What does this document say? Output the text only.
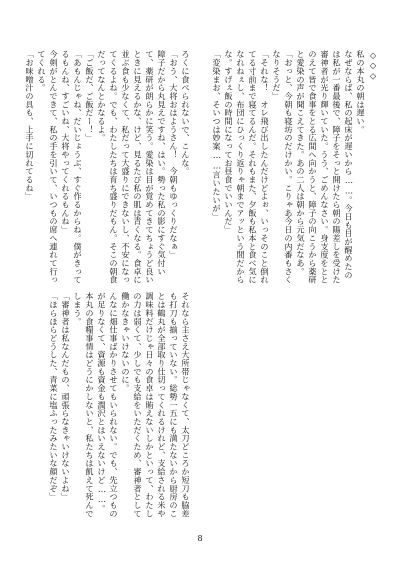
◇◇◇
私の本丸の朝は遅い。
なぜならば、私の起床が遅いから……。今日も目が醒めたのは私が一番最後で、障子をそっと開けたら朝の陽差しを受けた審神者が光り輝いていた。うう、ごめんなさい。身支度をととのえて皆で食事をとる広間へ向かうと、障子の向こうから薬研と愛染の声が聞こえてきた。あの二人は朝から元気だなあ。
「おっと、今朝も寝坊のだけかい。こりゃあ今日の内番もさくなりそうだ」
「それな！　オレ飛び出したんだけどよぉ、いっそのこと倒れてる寸前まで寝てるんだ。それもまた、夕飯も私本と食べ気になれねぇし、布団にひっくり返りゃ朝までアッという間だからな。すげぇ飯の時間になってお昼食でいいんだ」
「変染まお、そいつは妙案……言いたいが」

ろくに食べられないで、こんな。
「おう、大将おはようさん！　今朝もゆっくりだなぁ」
障子だから丸見えですね、はい。勢った私の影にすぐ気付いて、薬研が朗らかに笑う。愛染は目が覚めてきてちょうど良いときに見えるかな、けど、見るたび私の肌は青くなる。食卓に並ぶ食も少なくて、私だって大盛りにできないし、不安になってくるよね。でも、わたしたちは育ち盛りだもん。そこの朝食だってなんとかなるよ。
「ご飯だ、ご飯だー！」
「あもんじゃね、だいじょうぶ、すぐ作るからね。僕がきってるもんね、すごいね、大将やってくれるもんね」
今剣がとんできて、私の手を引いて、いつもの席へ連れて行ってくれる。
「お味噌汁の具も、上手に切れてるね」

それなら主さえ大所帯じゃなくて、太刀どころか短刀も脇差も打刀も揃っていない。総勢一五にも満たないから厨房のことは鶴丸が全部取り仕切ってくれるけれど、支給される米や調味料だけじゃ日々の食卓は賄えないしかといって、わたしの力は弱くて、少しでも支給をいただくため、審神者として働かなきゃいけないのに。
んなに畑仕事ばかりさせてもいられない。でも、先立つものが足りなくて、資源も資金も潤沢とはいえないけど……。本丸の食糧事情はどうにかしないと、私たちは飢えて死んでしまう。
「審神者は私なんだもの、頑張らなきゃいけないよね」
「ほらほらどうした、青菜に塩ふったみたいな顔だぞ」
8
